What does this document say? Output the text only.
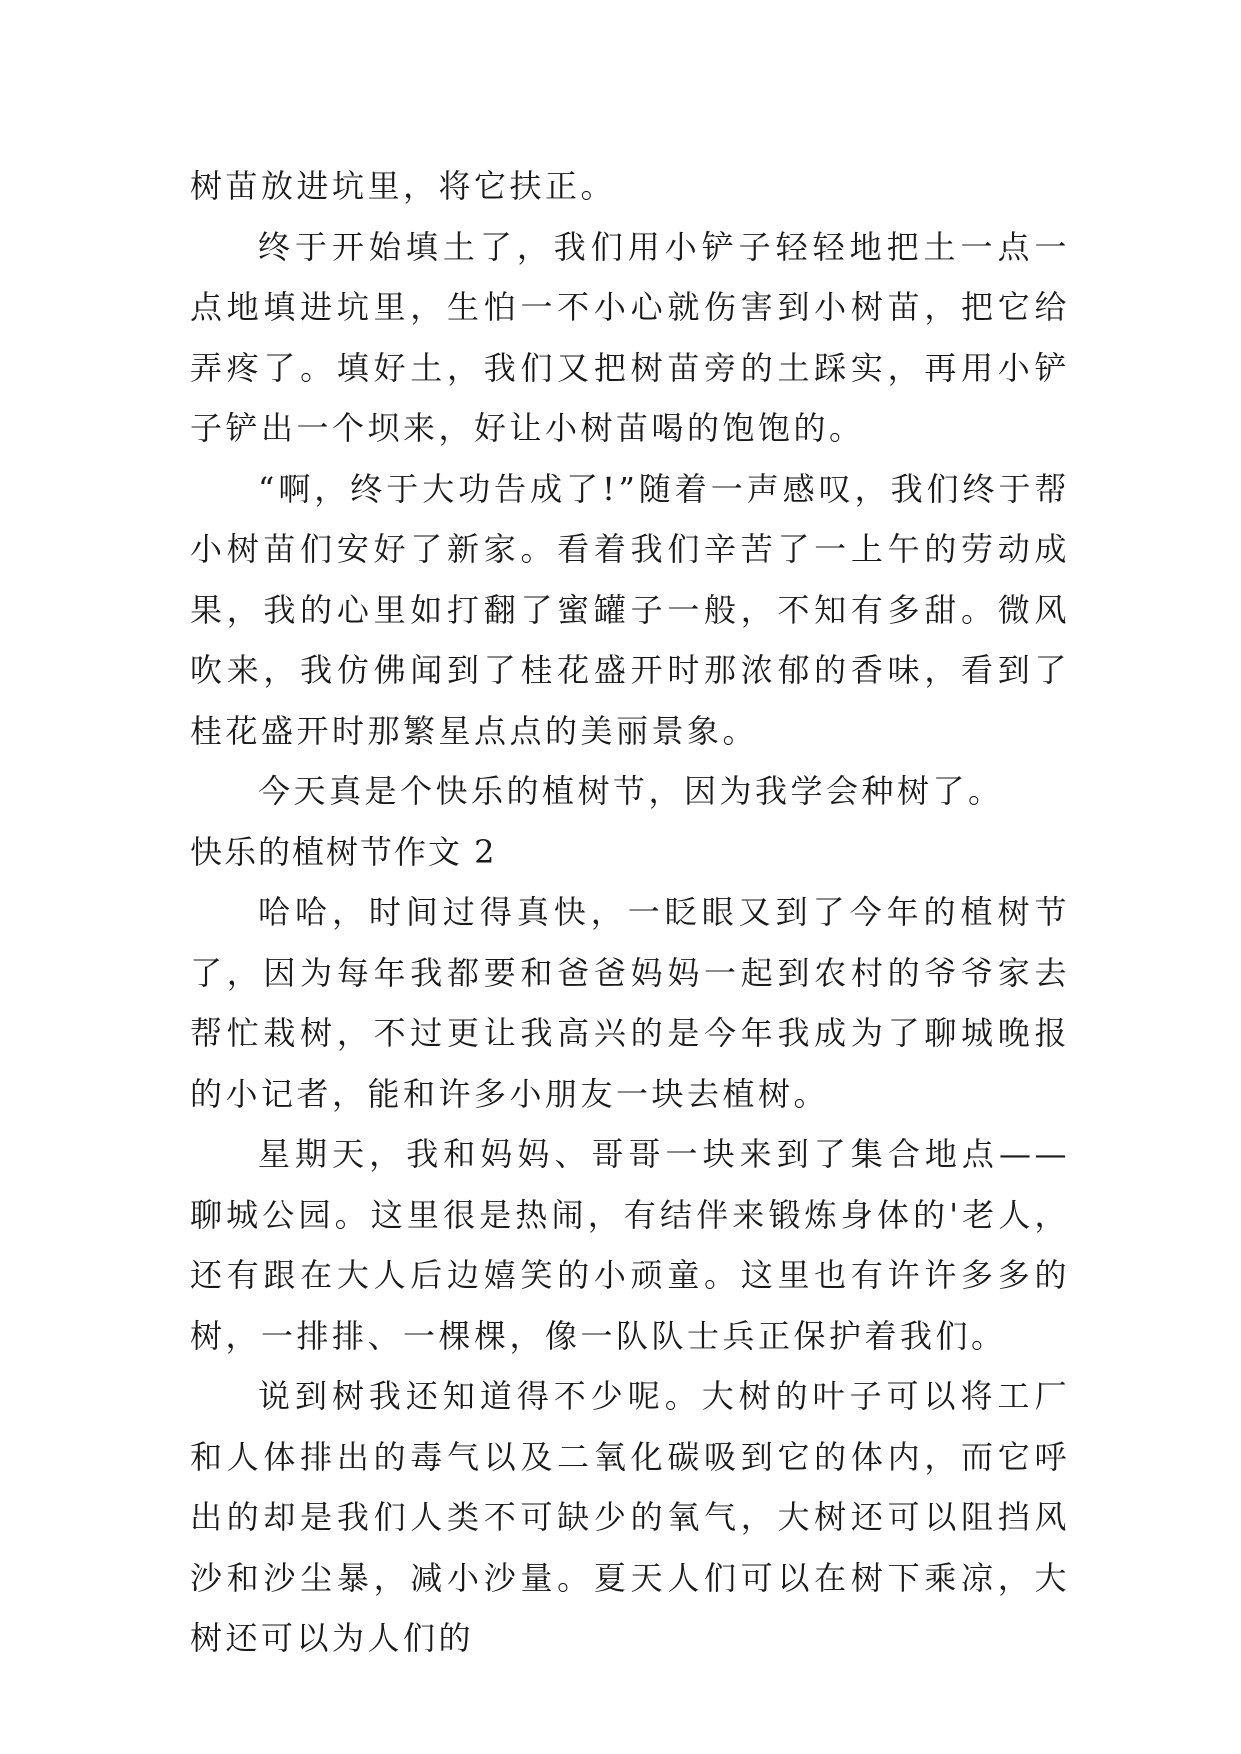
树苗放进坑里，将它扶正。

终于开始填土了，我们用小铲子轻轻地把土一点一点地填进坑里，生怕一不小心就伤害到小树苗，把它给弄疼了。填好土，我们又把树苗旁的土踩实，再用小铲子铲出一个坝来，好让小树苗喝的饱饱的。

“啊，终于大功告成了!”随着一声感叹，我们终于帮小树苗们安好了新家。看着我们辛苦了一上午的劳动成果，我的心里如打翻了蜜罐子一般，不知有多甜。微风吹来，我仿佛闻到了桂花盛开时那浓郁的香味，看到了桂花盛开时那繁星点点的美丽景象。

今天真是个快乐的植树节，因为我学会种树了。

快乐的植树节作文 2

哈哈，时间过得真快，一眨眼又到了今年的植树节了，因为每年我都要和爸爸妈妈一起到农村的爷爷家去帮忙栽树，不过更让我高兴的是今年我成为了聊城晚报的小记者，能和许多小朋友一块去植树。

星期天，我和妈妈、哥哥一块来到了集合地点——聊城公园。这里很是热闹，有结伴来锻炼身体的'老人，还有跟在大人后边嬉笑的小顽童。这里也有许许多多的树，一排排、一棵棵，像一队队士兵正保护着我们。

说到树我还知道得不少呢。大树的叶子可以将工厂和人体排出的毒气以及二氧化碳吸到它的体内，而它呼出的却是我们人类不可缺少的氧气，大树还可以阻挡风沙和沙尘暴，减小沙量。夏天人们可以在树下乘凉，大树还可以为人们的
